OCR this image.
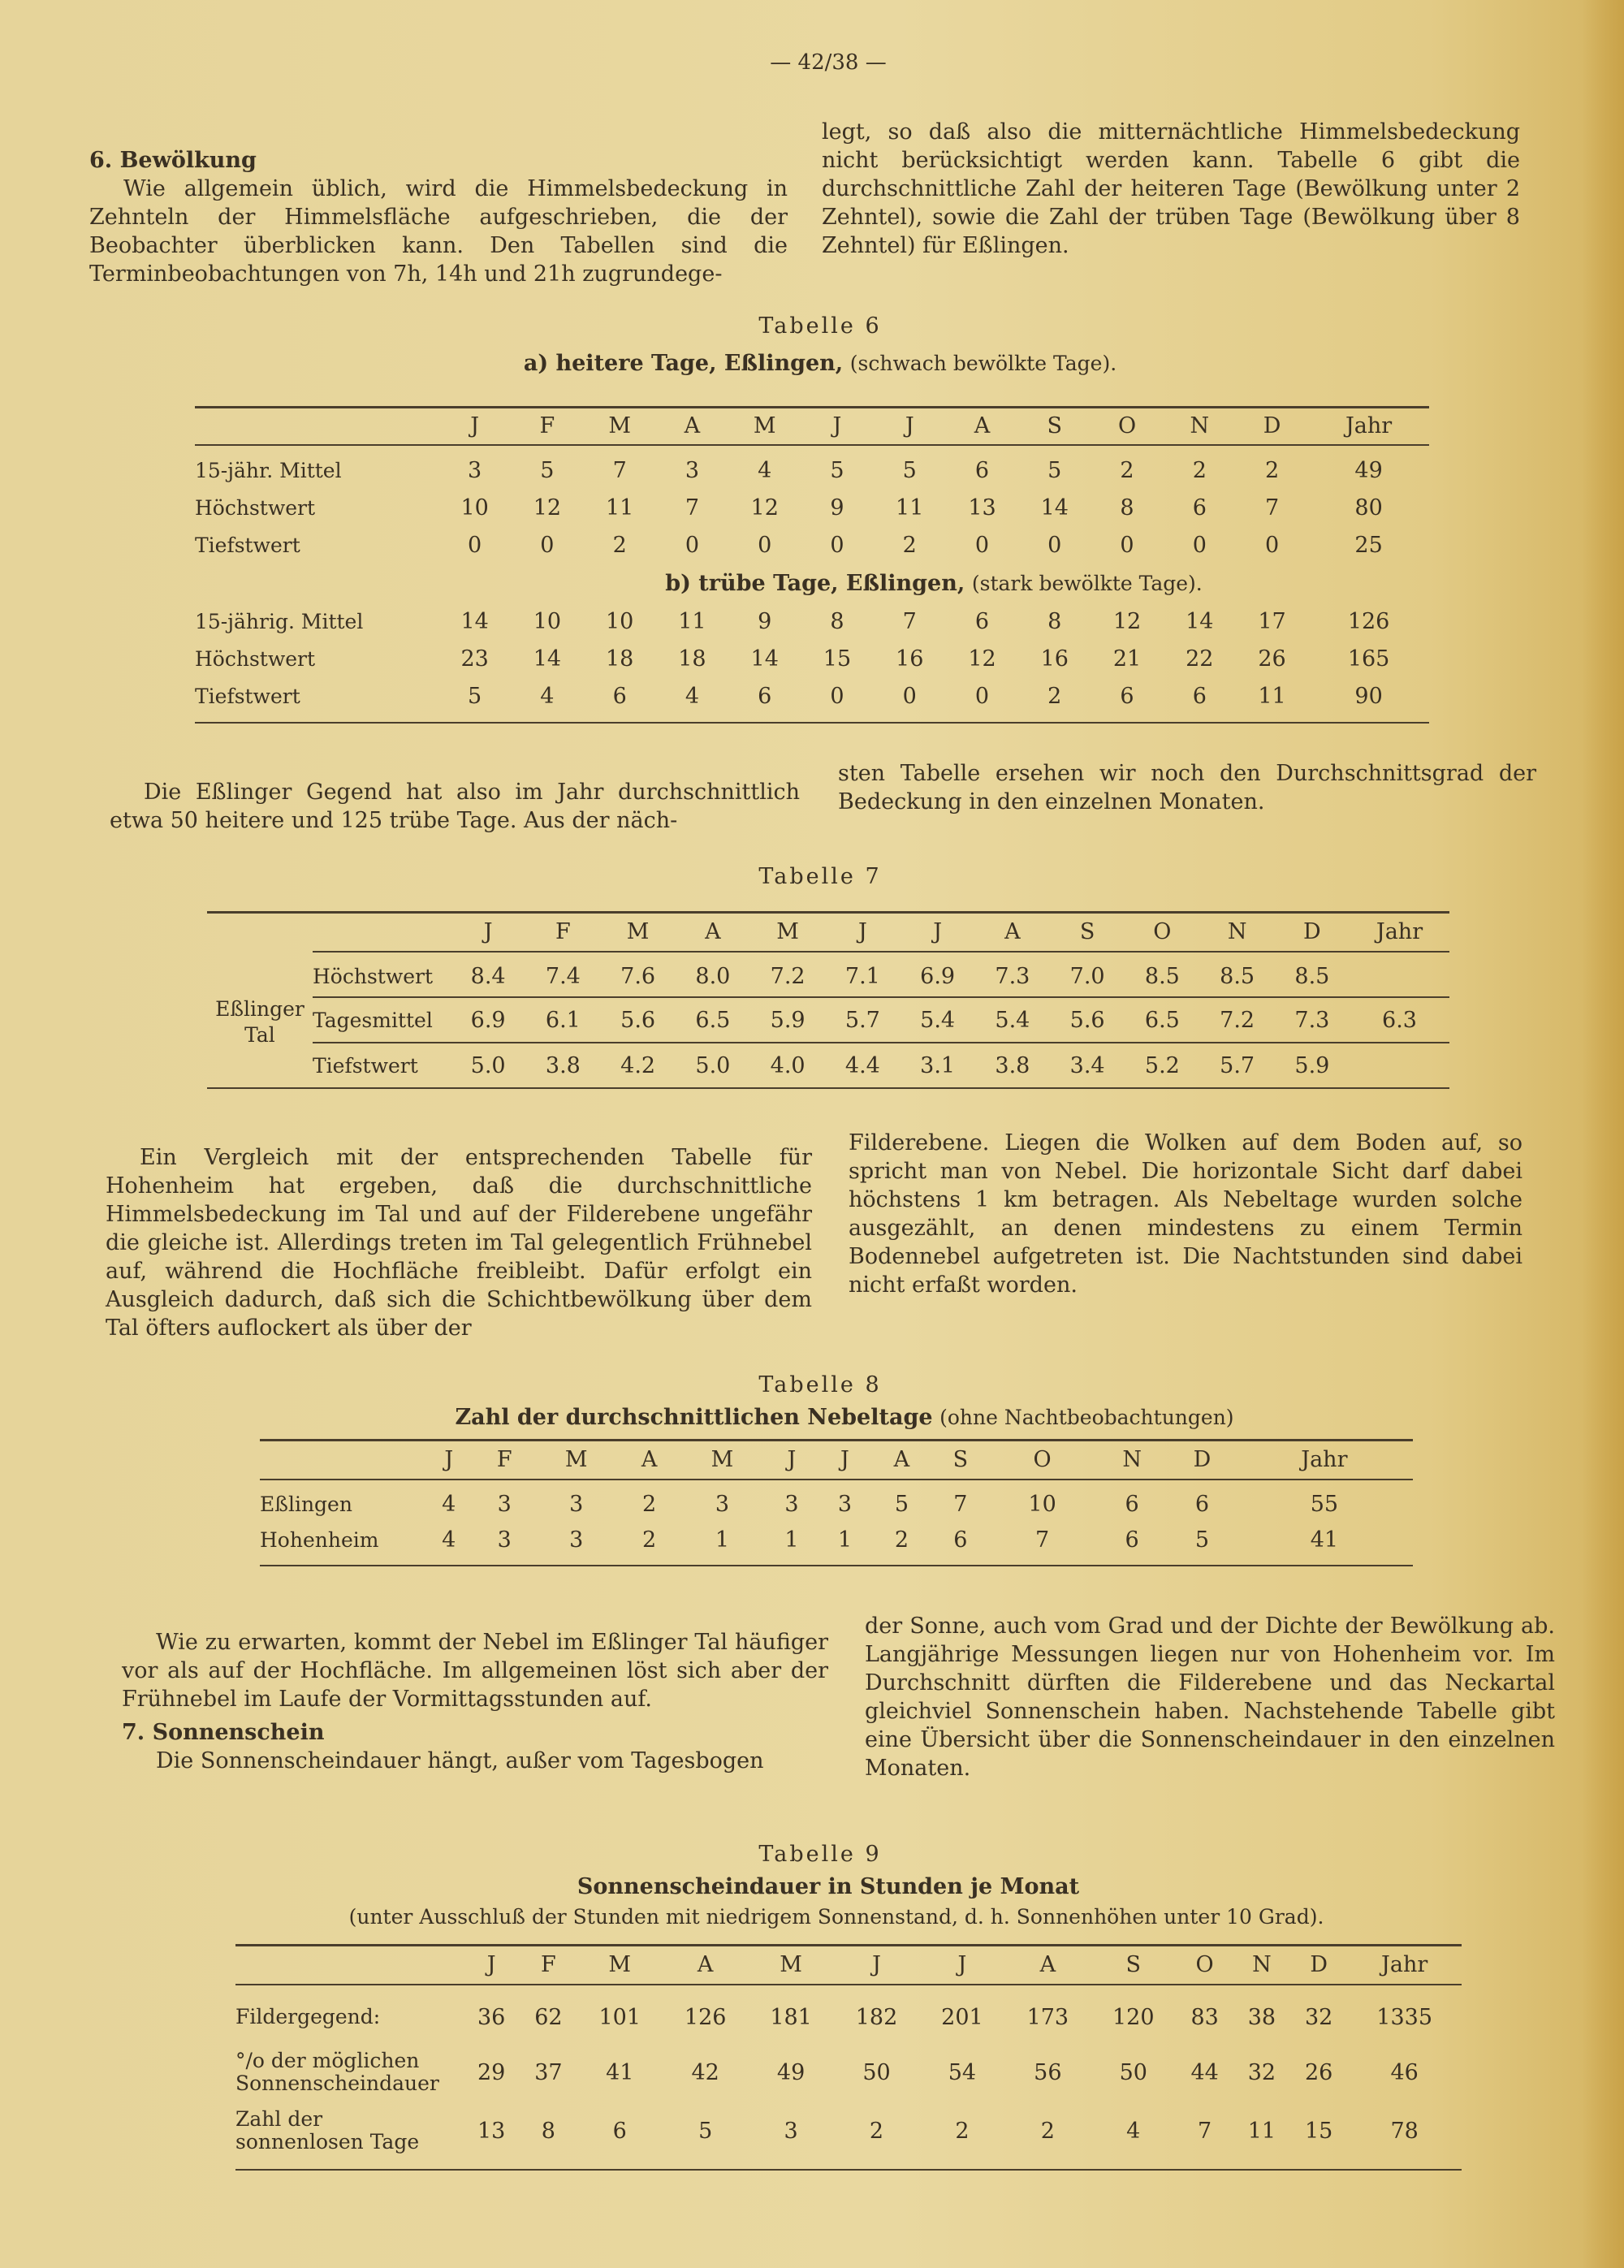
— 42/38 —

6. Bewölkung

Wie allgemein üblich, wird die Himmelsbedeckung in Zehnteln der Himmelsfläche aufgeschrieben, die der Beobachter überblicken kann. Den Tabellen sind die Terminbeobachtungen von 7h, 14h und 21h zugrundege-

legt, so daß also die mitternächtliche Himmelsbedeckung nicht berücksichtigt werden kann. Tabelle 6 gibt die durchschnittliche Zahl der heiteren Tage (Bewölkung unter 2 Zehntel), sowie die Zahl der trüben Tage (Bewölkung über 8 Zehntel) für Eßlingen.

Tabelle 6
a) heitere Tage, Eßlingen, (schwach bewölkte Tage).
	J	F	M	A	M	J	J	A	S	O	N	D	Jahr

15-jähr. Mittel	3	5	7	3	4	5	5	6	5	2	2	2	49
Höchstwert	10	12	11	7	12	9	11	13	14	8	6	7	80
Tiefstwert	0	0	2	0	0	0	2	0	0	0	0	0	25
	b) trübe Tage, Eßlingen, (stark bewölkte Tage).												
15-jährig. Mittel	14	10	10	11	9	8	7	6	8	12	14	17	126
Höchstwert	23	14	18	18	14	15	16	12	16	21	22	26	165
Tiefstwert	5	4	6	4	6	0	0	0	2	6	6	11	90

Die Eßlinger Gegend hat also im Jahr durchschnittlich etwa 50 heitere und 125 trübe Tage. Aus der näch-

sten Tabelle ersehen wir noch den Durchschnittsgrad der Bedeckung in den einzelnen Monaten.

Tabelle 7
		J	F	M	A	M	J	J	A	S	O	N	D	Jahr

Eßlinger
Tal	Höchstwert	8.4	7.4	7.6	8.0	7.2	7.1	6.9	7.3	7.0	8.5	8.5	8.5	
	Tagesmittel	6.9	6.1	5.6	6.5	5.9	5.7	5.4	5.4	5.6	6.5	7.2	7.3	6.3
	Tiefstwert	5.0	3.8	4.2	5.0	4.0	4.4	3.1	3.8	3.4	5.2	5.7	5.9	

Ein Vergleich mit der entsprechenden Tabelle für Hohenheim hat ergeben, daß die durchschnittliche Himmelsbedeckung im Tal und auf der Filderebene ungefähr die gleiche ist. Allerdings treten im Tal gelegentlich Frühnebel auf, während die Hochfläche freibleibt. Dafür erfolgt ein Ausgleich dadurch, daß sich die Schichtbewölkung über dem Tal öfters auflockert als über der

Filderebene. Liegen die Wolken auf dem Boden auf, so spricht man von Nebel. Die horizontale Sicht darf dabei höchstens 1 km betragen. Als Nebeltage wurden solche ausgezählt, an denen mindestens zu einem Termin Bodennebel aufgetreten ist. Die Nachtstunden sind dabei nicht erfaßt worden.

Tabelle 8
Zahl der durchschnittlichen Nebeltage (ohne Nachtbeobachtungen)
	J	F	M	A	M	J	J	A	S	O	N	D	Jahr

Eßlingen	4	3	3	2	3	3	3	5	7	10	6	6	55
Hohenheim	4	3	3	2	1	1	1	2	6	7	6	5	41

Wie zu erwarten, kommt der Nebel im Eßlinger Tal häufiger vor als auf der Hochfläche. Im allgemeinen löst sich aber der Frühnebel im Laufe der Vormittagsstunden auf.

7. Sonnenschein

Die Sonnenscheindauer hängt, außer vom Tagesbogen

der Sonne, auch vom Grad und der Dichte der Bewölkung ab. Langjährige Messungen liegen nur von Hohenheim vor. Im Durchschnitt dürften die Filderebene und das Neckartal gleichviel Sonnenschein haben. Nachstehende Tabelle gibt eine Übersicht über die Sonnenscheindauer in den einzelnen Monaten.

Tabelle 9
Sonnenscheindauer in Stunden je Monat
(unter Ausschluß der Stunden mit niedrigem Sonnenstand, d. h. Sonnenhöhen unter 10 Grad).
	J	F	M	A	M	J	J	A	S	O	N	D	Jahr

Fildergegend:	36	62	101	126	181	182	201	173	120	83	38	32	1335
°/o der möglichen
Sonnenscheindauer	29	37	41	42	49	50	54	56	50	44	32	26	46
Zahl der
sonnenlosen Tage	13	8	6	5	3	2	2	2	4	7	11	15	78
